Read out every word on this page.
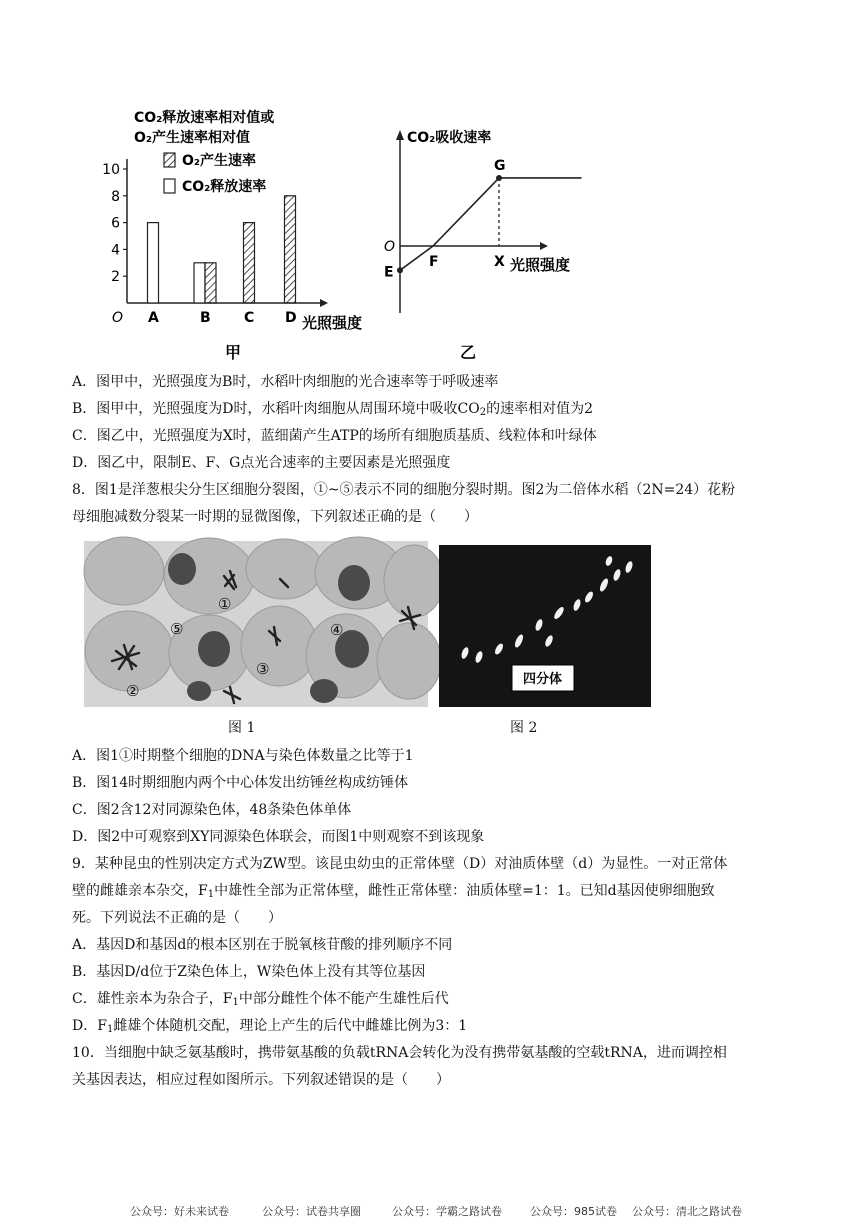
CO₂释放速率相对值或
O₂产生速率相对值
O₂产生速率
CO₂释放速率
O	光照强度
甲
2
4
6
8
10
A	B C D
CO₂吸收速率
O
光照强度
乙
E
F
G
X
A．图甲中，光照强度为B时，水稻叶肉细胞的光合速率等于呼吸速率
B．图甲中，光照强度为D时，水稻叶肉细胞从周围环境中吸收$CO_2$的速率相对值为2
C．图乙中，光照强度为X时，蓝细菌产生ATP的场所有细胞质基质、线粒体和叶绿体
D．图乙中，限制E、F、G点光合速率的主要因素是光照强度
8．图1是洋葱根尖分生区细胞分裂图，①~⑤表示不同的细胞分裂时期。图2为二倍体水稻（2N=24）花粉
母细胞减数分裂某一时期的显微图像，下列叙述正确的是（　　）
①
②
③
④
⑤
四分体
图 1	图 2
A．图1①时期整个细胞的DNA与染色体数量之比等于1
B．图14时期细胞内两个中心体发出纺锤丝构成纺锤体
C．图2含12对同源染色体，48条染色体单体
D．图2中可观察到XY同源染色体联会，而图1中则观察不到该现象
9．某种昆虫的性别决定方式为ZW型。该昆虫幼虫的正常体壁（D）对油质体壁（d）为显性。一对正常体
壁的雌雄亲本杂交，$F_1$中雄性全部为正常体壁，雌性正常体壁：油质体壁=1：1。已知d基因使卵细胞致
死。下列说法不正确的是（　　）
A．基因D和基因d的根本区别在于脱氧核苷酸的排列顺序不同
B．基因D/d位于Z染色体上，W染色体上没有其等位基因
C．雄性亲本为杂合子，$F_1$中部分雌性个体不能产生雄性后代
D．$F_1$雌雄个体随机交配，理论上产生的后代中雌雄比例为3：1
10．当细胞中缺乏氨基酸时，携带氨基酸的负载tRNA会转化为没有携带氨基酸的空载tRNA，进而调控相
关基因表达，相应过程如图所示。下列叙述错误的是（　　）
公众号：好未来试卷	公众号：试卷共享圈	公众号：学霸之路试卷	公众号：985试卷 公众号：清北之路试卷
